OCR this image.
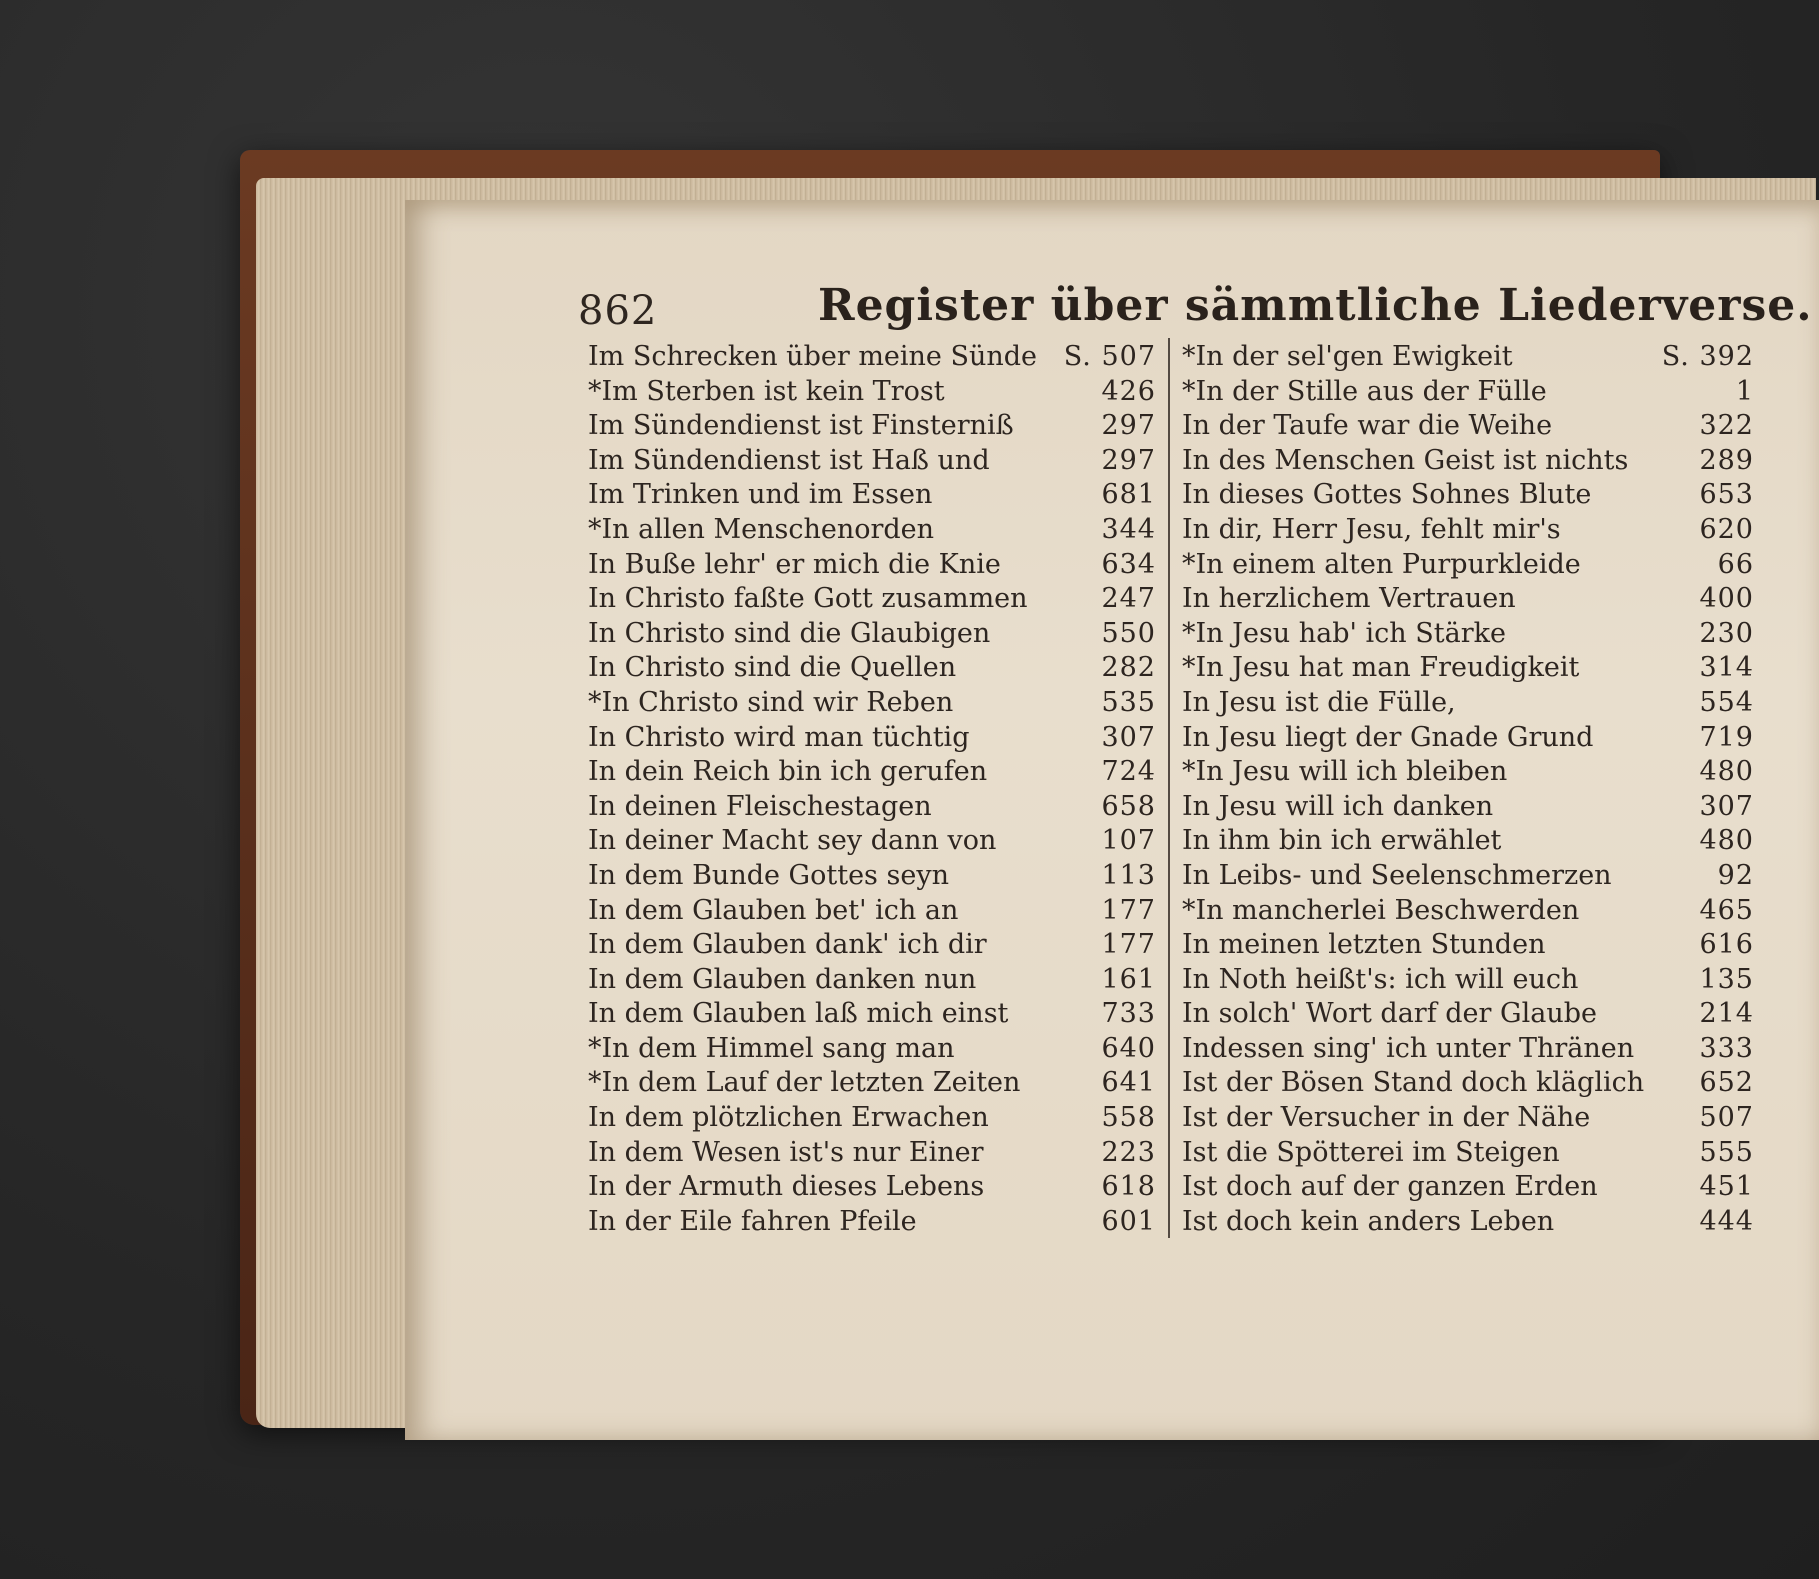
862	Register über sämmtliche Liederverse.
Im Schrecken über meine Sünde S. 507
*Im Sterben ist kein Trost	426
Im Sündendienst ist Finsterniß	297
Im Sündendienst ist Haß und	297
Im Trinken und im Essen	681
*In allen Menschenorden	344
In Buße lehr' er mich die Knie	634
In Christo faßte Gott zusammen	247
In Christo sind die Glaubigen	550
In Christo sind die Quellen	282
*In Christo sind wir Reben	535
In Christo wird man tüchtig	307
In dein Reich bin ich gerufen	724
In deinen Fleischestagen	658
In deiner Macht sey dann von	107
In dem Bunde Gottes seyn	113
In dem Glauben bet' ich an	177
In dem Glauben dank' ich dir	177
In dem Glauben danken nun	161
In dem Glauben laß mich einst	733
*In dem Himmel sang man	640
*In dem Lauf der letzten Zeiten	641
In dem plötzlichen Erwachen	558
In dem Wesen ist's nur Einer	223
In der Armuth dieses Lebens	618
In der Eile fahren Pfeile	601
*In der sel'gen Ewigkeit	S. 392
*In der Stille aus der Fülle	1
In der Taufe war die Weihe	322
In des Menschen Geist ist nichts	289
In dieses Gottes Sohnes Blute	653
In dir, Herr Jesu, fehlt mir's	620
*In einem alten Purpurkleide	66
In herzlichem Vertrauen	400
*In Jesu hab' ich Stärke	230
*In Jesu hat man Freudigkeit	314
In Jesu ist die Fülle,	554
In Jesu liegt der Gnade Grund	719
*In Jesu will ich bleiben	480
In Jesu will ich danken	307
In ihm bin ich erwählet	480
In Leibs- und Seelenschmerzen	92
*In mancherlei Beschwerden	465
In meinen letzten Stunden	616
In Noth heißt's: ich will euch	135
In solch' Wort darf der Glaube	214
Indessen sing' ich unter Thränen 333
Ist der Bösen Stand doch kläglich 652
Ist der Versucher in der Nähe	507
Ist die Spötterei im Steigen	555
Ist doch auf der ganzen Erden	451
Ist doch kein anders Leben	444
